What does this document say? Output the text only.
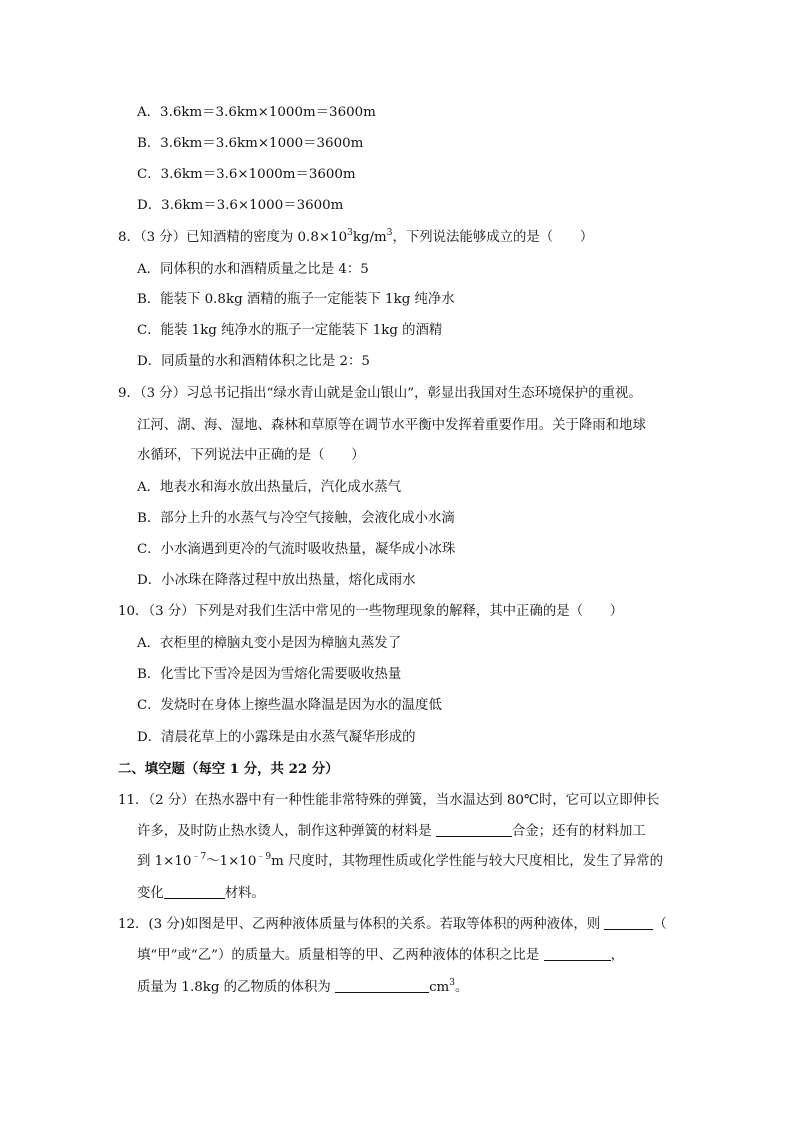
A．3.6km＝3.6km×1000m＝3600m
B．3.6km＝3.6km×1000＝3600m
C．3.6km＝3.6×1000m＝3600m
D．3.6km＝3.6×1000＝3600m
8．（3 分）已知酒精的密度为 $0.8\times 10^3kg/m^3$，下列说法能够成立的是（　　）
A．同体积的水和酒精质量之比是 4：5
B．能装下 0.8kg 酒精的瓶子一定能装下 1kg 纯净水
C．能装 1kg 纯净水的瓶子一定能装下 1kg 的酒精
D．同质量的水和酒精体积之比是 2：5
9．（3 分）习总书记指出“绿水青山就是金山银山”，彰显出我国对生态环境保护的重视。
江河、湖、海、湿地、森林和草原等在调节水平衡中发挥着重要作用。关于降雨和地球
水循环，下列说法中正确的是（　　）
A．地表水和海水放出热量后，汽化成水蒸气
B．部分上升的水蒸气与冷空气接触，会液化成小水滴
C．小水滴遇到更冷的气流时吸收热量，凝华成小冰珠
D．小冰珠在降落过程中放出热量，熔化成雨水
10．（3 分）下列是对我们生活中常见的一些物理现象的解释，其中正确的是（　　）
A．衣柜里的樟脑丸变小是因为樟脑丸蒸发了
B．化雪比下雪冷是因为雪熔化需要吸收热量
C．发烧时在身体上擦些温水降温是因为水的温度低
D．清晨花草上的小露珠是由水蒸气凝华形成的
二、填空题（每空 1 分，共 22 分）
11．（2 分）在热水器中有一种性能非常特殊的弹簧，当水温达到 80℃时，它可以立即伸长
许多，及时防止热水烫人，制作这种弹簧的材料是	合金；还有的材料加工
到 $1\times 10^{﹣7}\sim 1\times 10^{﹣9}m$ 尺度时，其物理性质或化学性能与较大尺度相比，发生了异常的
变化	材料。
12．(3 分)如图是甲、乙两种液体质量与体积的关系。若取等体积的两种液体，则	（
填“甲”或“乙”）的质量大。质量相等的甲、乙两种液体的体积之比是	，
质量为 1.8kg 的乙物质的体积为	$cm^3$。
